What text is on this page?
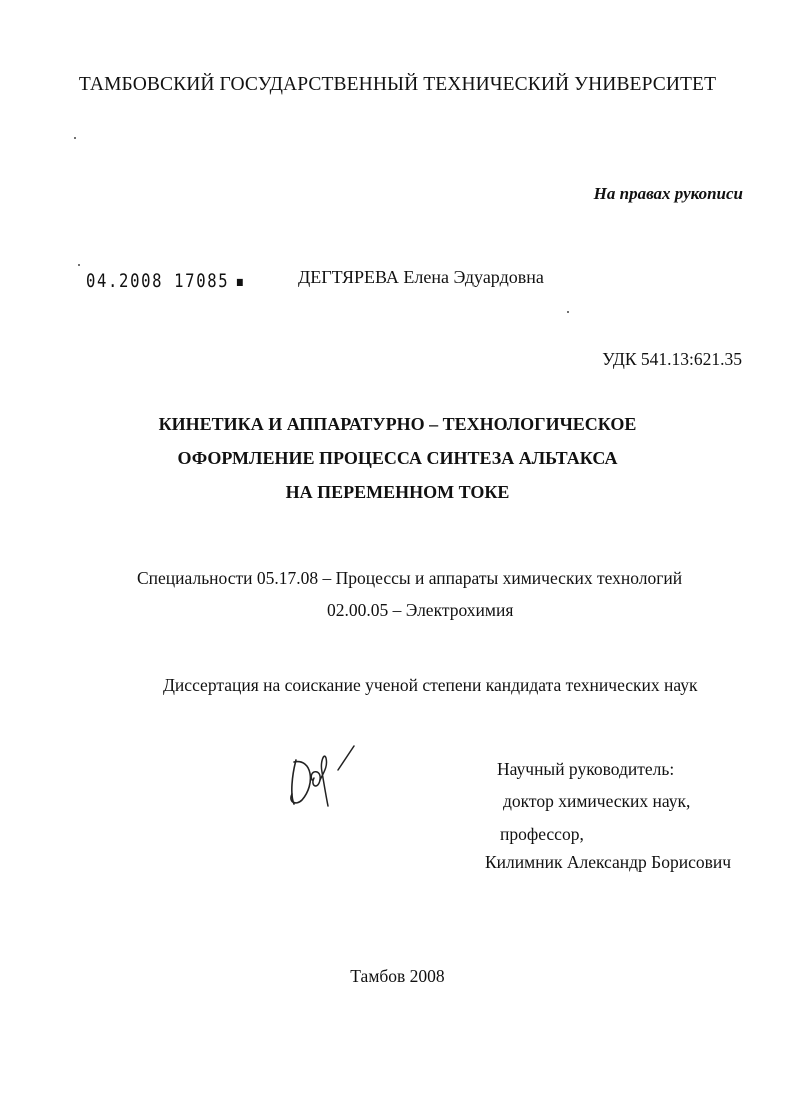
ТАМБОВСКИЙ ГОСУДАРСТВЕННЫЙ ТЕХНИЧЕСКИЙ УНИВЕРСИТЕТ
На правах рукописи
04.2008 17085 ■	ДЕГТЯРЕВА Елена Эдуардовна
УДК 541.13:621.35
КИНЕТИКА И АППАРАТУРНО – ТЕХНОЛОГИЧЕСКОЕ
ОФОРМЛЕНИЕ ПРОЦЕССА СИНТЕЗА АЛЬТАКСА
НА ПЕРЕМЕННОМ ТОКЕ
Специальности 05.17.08 – Процессы и аппараты химических технологий
02.00.05 – Электрохимия
Диссертация на соискание ученой степени кандидата технических наук
Научный руководитель:
доктор химических наук,
профессор,
Килимник Александр Борисович
Тамбов 2008
